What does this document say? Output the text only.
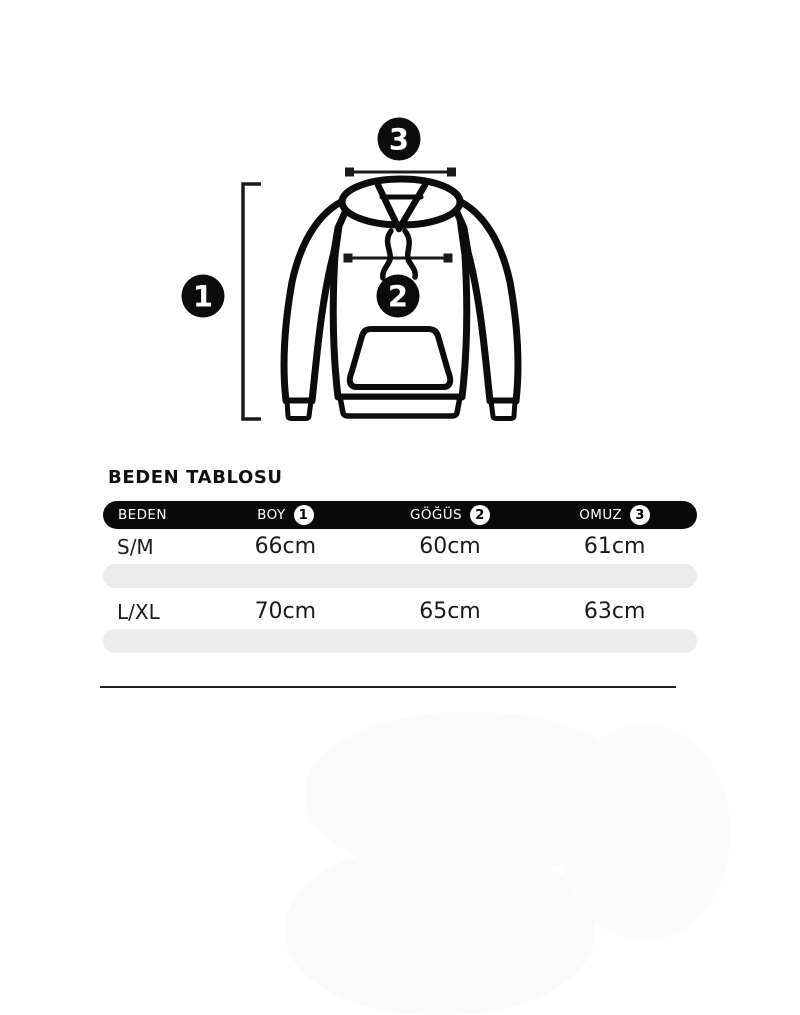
1
3
2
BEDEN TABLOSU
BEDEN	BOY	1	GÖĞÜS	2	OMUZ	3
S/M	66cm	60cm	61cm
L/XL	70cm	65cm	63cm
